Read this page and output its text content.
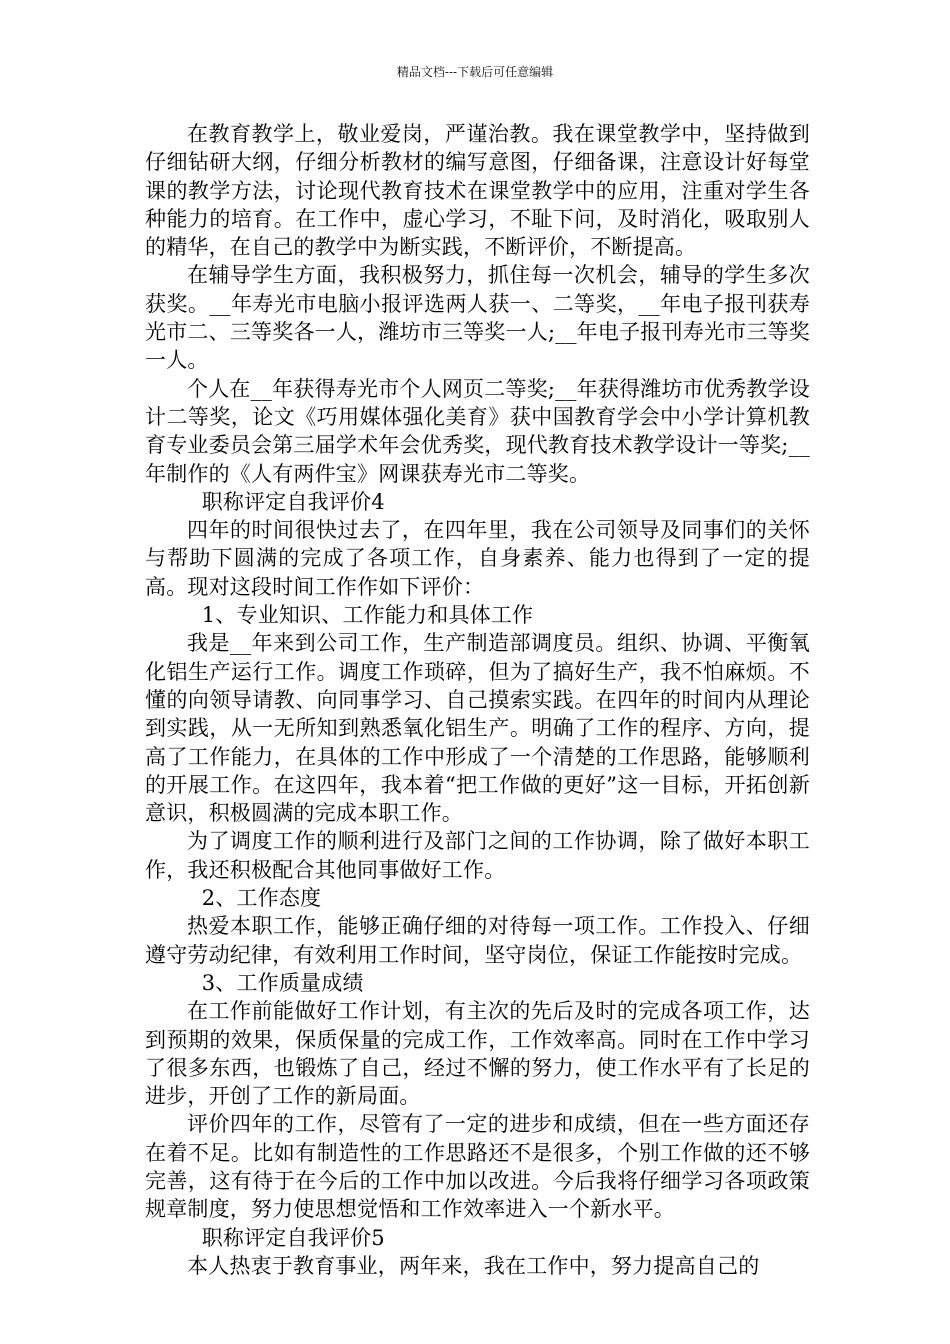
精品文档---下载后可任意编辑

在教育教学上，敬业爱岗，严谨治教。我在课堂教学中，坚持做到仔细钻研大纲，仔细分析教材的编写意图，仔细备课，注意设计好每堂课的教学方法，讨论现代教育技术在课堂教学中的应用，注重对学生各种能力的培育。在工作中，虚心学习，不耻下问，及时消化，吸取别人的精华，在自己的教学中为断实践，不断评价，不断提高。

在辅导学生方面，我积极努力，抓住每一次机会，辅导的学生多次获奖。__年寿光市电脑小报评选两人获一、二等奖，__年电子报刊获寿光市二、三等奖各一人，潍坊市三等奖一人;__年电子报刊寿光市三等奖一人。

个人在__年获得寿光市个人网页二等奖;__年获得潍坊市优秀教学设计二等奖，论文《巧用媒体强化美育》获中国教育学会中小学计算机教育专业委员会第三届学术年会优秀奖，现代教育技术教学设计一等奖;__年制作的《人有两件宝》网课获寿光市二等奖。

职称评定自我评价4

四年的时间很快过去了，在四年里，我在公司领导及同事们的关怀与帮助下圆满的完成了各项工作，自身素养、能力也得到了一定的提高。现对这段时间工作作如下评价：

1、专业知识、工作能力和具体工作

我是__年来到公司工作，生产制造部调度员。组织、协调、平衡氧化铝生产运行工作。调度工作琐碎，但为了搞好生产，我不怕麻烦。不懂的向领导请教、向同事学习、自己摸索实践。在四年的时间内从理论到实践，从一无所知到熟悉氧化铝生产。明确了工作的程序、方向，提高了工作能力，在具体的工作中形成了一个清楚的工作思路，能够顺利的开展工作。在这四年，我本着“把工作做的更好”这一目标，开拓创新意识，积极圆满的完成本职工作。

为了调度工作的顺利进行及部门之间的工作协调，除了做好本职工作，我还积极配合其他同事做好工作。

2、工作态度

热爱本职工作，能够正确仔细的对待每一项工作。工作投入、仔细遵守劳动纪律，有效利用工作时间，坚守岗位，保证工作能按时完成。

3、工作质量成绩

在工作前能做好工作计划，有主次的先后及时的完成各项工作，达到预期的效果，保质保量的完成工作，工作效率高。同时在工作中学习了很多东西，也锻炼了自己，经过不懈的努力，使工作水平有了长足的进步，开创了工作的新局面。

评价四年的工作，尽管有了一定的进步和成绩，但在一些方面还存在着不足。比如有制造性的工作思路还不是很多，个别工作做的还不够完善，这有待于在今后的工作中加以改进。今后我将仔细学习各项政策规章制度，努力使思想觉悟和工作效率进入一个新水平。

职称评定自我评价5

本人热衷于教育事业，两年来，我在工作中，努力提高自己的
